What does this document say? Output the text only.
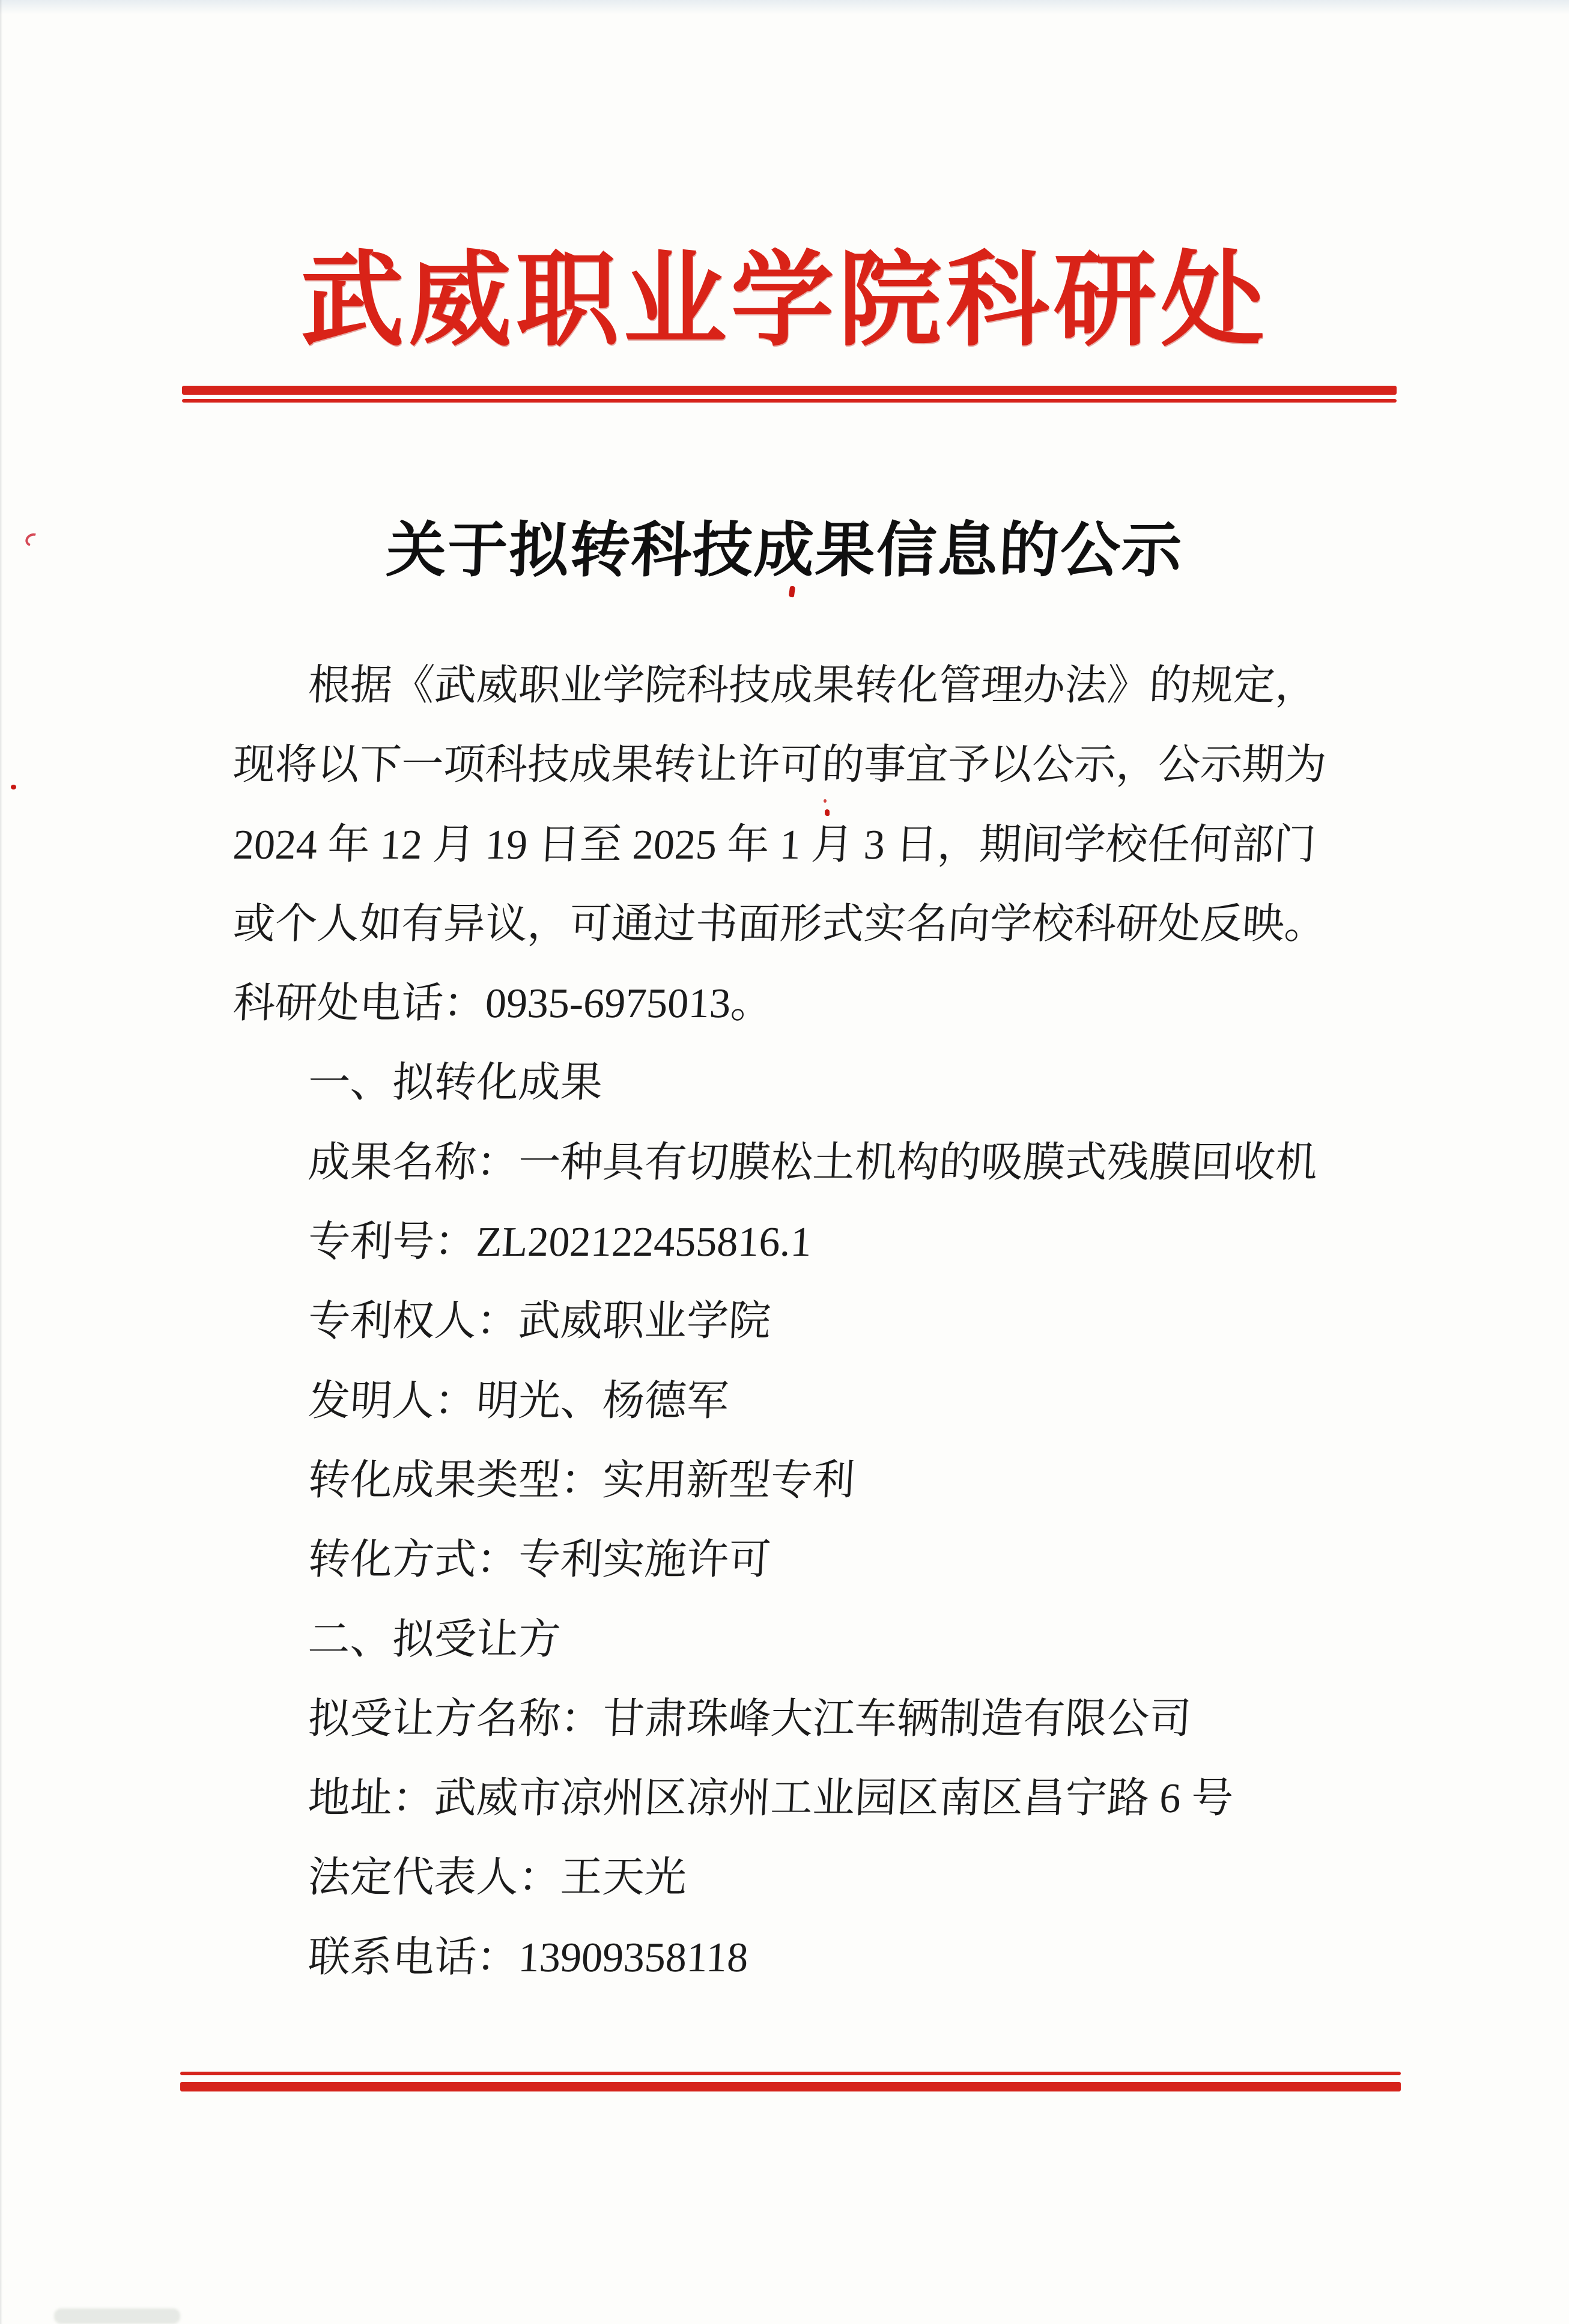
武威职业学院科研处
关于拟转科技成果信息的公示

根据《武威职业学院科技成果转化管理办法》的规定，

现将以下一项科技成果转让许可的事宜予以公示，公示期为

2024 年 12 月 19 日至 2025 年 1 月 3 日，期间学校任何部门

或个人如有异议，可通过书面形式实名向学校科研处反映。

科研处电话：0935-6975013。

一、拟转化成果

成果名称：一种具有切膜松土机构的吸膜式残膜回收机

专利号：ZL202122455816.1

专利权人：武威职业学院

发明人：明光、杨德军

转化成果类型：实用新型专利

转化方式：专利实施许可

二、拟受让方

拟受让方名称：甘肃珠峰大江车辆制造有限公司

地址：武威市凉州区凉州工业园区南区昌宁路 6 号

法定代表人：王天光

联系电话：13909358118
